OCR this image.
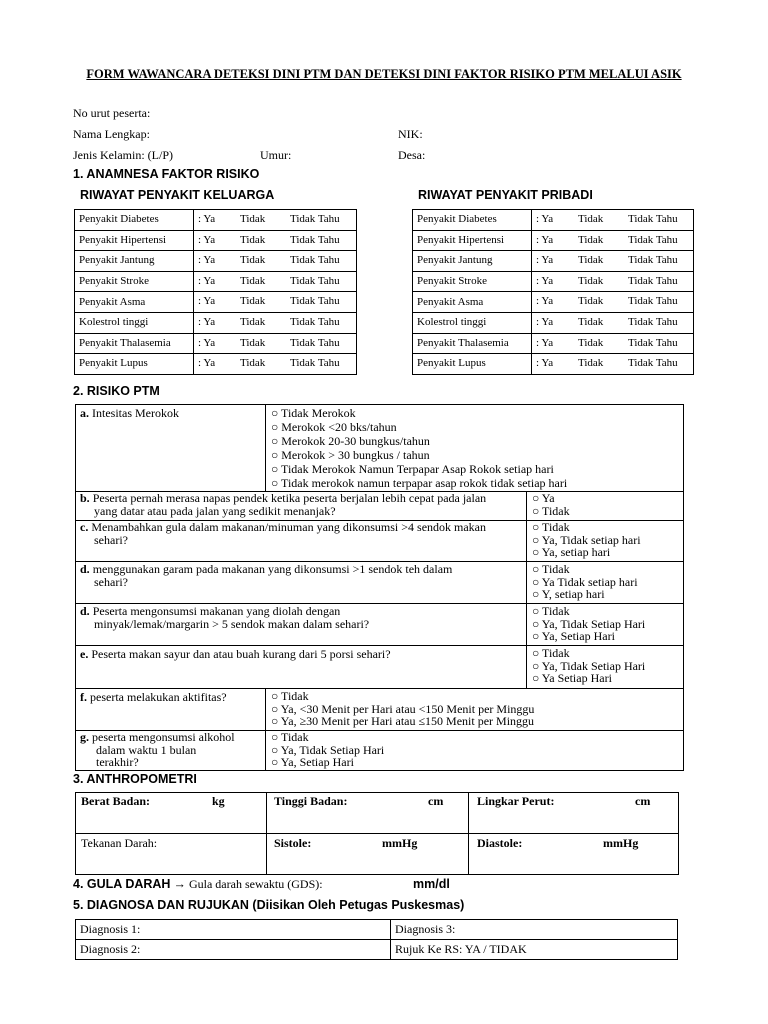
FORM WAWANCARA DETEKSI DINI PTM DAN DETEKSI DINI FAKTOR RISIKO PTM MELALUI ASIK
No urut peserta:
Nama Lengkap:	NIK:
Jenis Kelamin: (L/P)	Umur:	Desa:
1. ANAMNESA FAKTOR RISIKO
RIWAYAT PENYAKIT KELUARGA	RIWAYAT PENYAKIT PRIBADI
Penyakit Diabetes	: Ya Tidak Tidak Tahu

Penyakit Hipertensi	: Ya Tidak Tidak Tahu

Penyakit Jantung	: Ya Tidak Tidak Tahu

Penyakit Stroke	: Ya Tidak Tidak Tahu

Penyakit Asma	: Ya Tidak Tidak Tahu

Kolestrol tinggi	: Ya Tidak Tidak Tahu

Penyakit Thalasemia	: Ya Tidak Tidak Tahu

Penyakit Lupus	: Ya Tidak Tidak Tahu
Penyakit Diabetes	: Ya Tidak Tidak Tahu

Penyakit Hipertensi	: Ya Tidak Tidak Tahu

Penyakit Jantung	: Ya Tidak Tidak Tahu

Penyakit Stroke	: Ya Tidak Tidak Tahu

Penyakit Asma	: Ya Tidak Tidak Tahu

Kolestrol tinggi	: Ya Tidak Tidak Tahu

Penyakit Thalasemia	: Ya Tidak Tidak Tahu

Penyakit Lupus	: Ya Tidak Tidak Tahu
2. RISIKO PTM
a. Intesitas Merokok	○ Tidak Merokok
○ Merokok <20 bks/tahun
○ Merokok 20-30 bungkus/tahun
○ Merokok > 30 bungkus / tahun
○ Tidak Merokok Namun Terpapar Asap Rokok setiap hari
○ Tidak merokok namun terpapar asap rokok tidak setiap hari
b. Peserta pernah merasa napas pendek ketika peserta berjalan lebih cepat pada jalan
yang datar atau pada jalan yang sedikit menanjak?
○ Ya
○ Tidak
c. Menambahkan gula dalam makanan/minuman yang dikonsumsi >4 sendok makan
sehari?
○ Tidak
○ Ya, Tidak setiap hari
○ Ya, setiap hari
d. menggunakan garam pada makanan yang dikonsumsi >1 sendok teh dalam
sehari?
○ Tidak
○ Ya Tidak setiap hari
○ Y, setiap hari
d. Peserta mengonsumsi makanan yang diolah dengan
minyak/lemak/margarin > 5 sendok makan dalam sehari?
○ Tidak
○ Ya, Tidak Setiap Hari
○ Ya, Setiap Hari
e. Peserta makan sayur dan atau buah kurang dari 5 porsi sehari?	○ Tidak
○ Ya, Tidak Setiap Hari
○ Ya Setiap Hari
f. peserta melakukan aktifitas?	○ Tidak
○ Ya, <30 Menit per Hari atau <150 Menit per Minggu
○ Ya, ≥30 Menit per Hari atau ≤150 Menit per Minggu
g. peserta mengonsumsi alkohol
dalam waktu 1 bulan
terakhir?
○ Tidak
○ Ya, Tidak Setiap Hari
○ Ya, Setiap Hari
3. ANTHROPOMETRI
Berat Badan:	kg	Tinggi Badan:	cm	Lingkar Perut:	cm
Tekanan Darah:	Sistole:	mmHg	Diastole:	mmHg
4. GULA DARAH → Gula darah sewaktu (GDS):	mm/dl
5. DIAGNOSA DAN RUJUKAN (Diisikan Oleh Petugas Puskesmas)
Diagnosis 1:	Diagnosis 3:
Diagnosis 2:	Rujuk Ke RS: YA / TIDAK
